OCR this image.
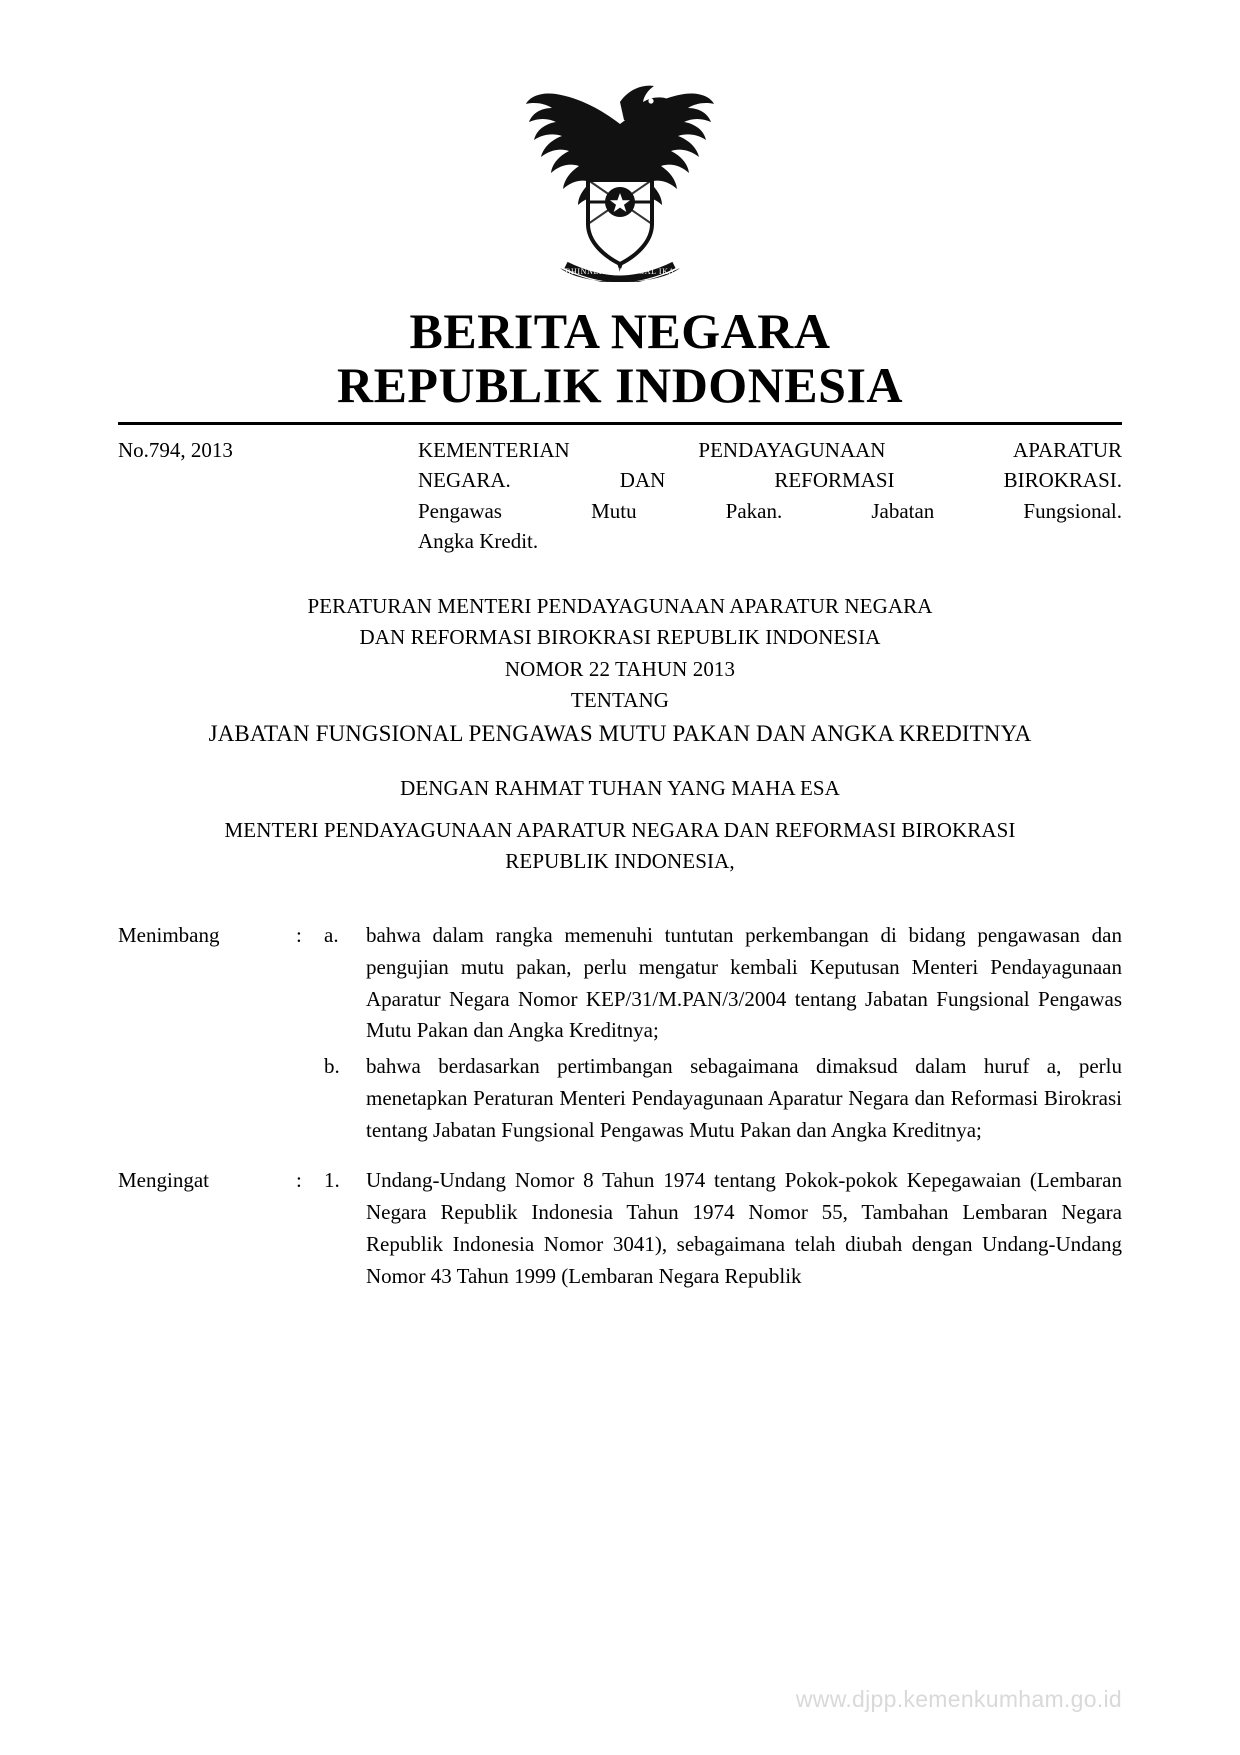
BHINNEKA TUNGGAL IKA
BERITA NEGARA
REPUBLIK INDONESIA
No.794, 2013	KEMENTERIAN PENDAYAGUNAAN APARATUR
NEGARA. DAN REFORMASI BIROKRASI.
Pengawas Mutu Pakan. Jabatan Fungsional.
Angka Kredit.
PERATURAN MENTERI PENDAYAGUNAAN APARATUR NEGARA
DAN REFORMASI BIROKRASI REPUBLIK INDONESIA
NOMOR 22 TAHUN 2013
TENTANG
JABATAN FUNGSIONAL PENGAWAS MUTU PAKAN DAN ANGKA KREDITNYA
DENGAN RAHMAT TUHAN YANG MAHA ESA
MENTERI PENDAYAGUNAAN APARATUR NEGARA DAN REFORMASI BIROKRASI
REPUBLIK INDONESIA,
Menimbang	:	a.	bahwa dalam rangka memenuhi tuntutan perkembangan di bidang pengawasan dan pengujian mutu pakan, perlu mengatur kembali Keputusan Menteri Pendayagunaan Aparatur Negara Nomor KEP/31/M.PAN/3/2004 tentang Jabatan Fungsional Pengawas Mutu Pakan dan Angka Kreditnya;
b.	bahwa berdasarkan pertimbangan sebagaimana dimaksud dalam huruf a, perlu menetapkan Peraturan Menteri Pendayagunaan Aparatur Negara dan Reformasi Birokrasi tentang Jabatan Fungsional Pengawas Mutu Pakan dan Angka Kreditnya;
Mengingat	:	1.	Undang-Undang Nomor 8 Tahun 1974 tentang Pokok-pokok Kepegawaian (Lembaran Negara Republik Indonesia Tahun 1974 Nomor 55, Tambahan Lembaran Negara Republik Indonesia Nomor 3041), sebagaimana telah diubah dengan Undang-Undang Nomor 43 Tahun 1999 (Lembaran Negara Republik
www.djpp.kemenkumham.go.id
